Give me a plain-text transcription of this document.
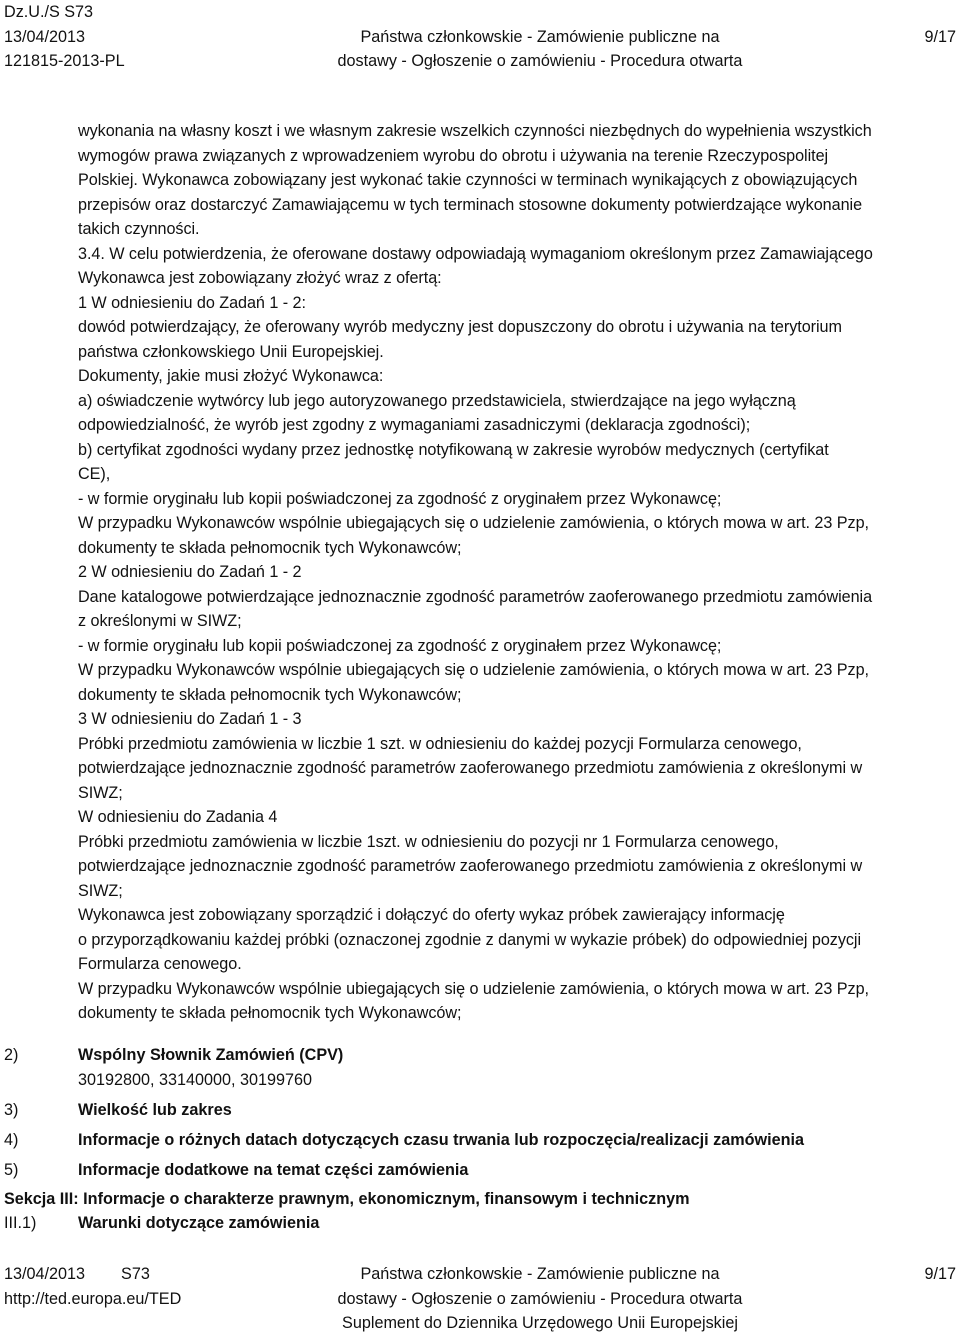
Dz.U./S S73
13/04/2013
121815-2013-PL
Państwa członkowskie - Zamówienie publiczne na
dostawy - Ogłoszenie o zamówieniu - Procedura otwarta
9/17
wykonania na własny koszt i we własnym zakresie wszelkich czynności niezbędnych do wypełnienia wszystkich
wymogów prawa związanych z wprowadzeniem wyrobu do obrotu i używania na terenie Rzeczypospolitej
Polskiej. Wykonawca zobowiązany jest wykonać takie czynności w terminach wynikających z obowiązujących
przepisów oraz dostarczyć Zamawiającemu w tych terminach stosowne dokumenty potwierdzające wykonanie
takich czynności.
3.4. W celu potwierdzenia, że oferowane dostawy odpowiadają wymaganiom określonym przez Zamawiającego
Wykonawca jest zobowiązany złożyć wraz z ofertą:
1 W odniesieniu do Zadań 1 - 2:
dowód potwierdzający, że oferowany wyrób medyczny jest dopuszczony do obrotu i używania na terytorium
państwa członkowskiego Unii Europejskiej.
Dokumenty, jakie musi złożyć Wykonawca:
a) oświadczenie wytwórcy lub jego autoryzowanego przedstawiciela, stwierdzające na jego wyłączną
odpowiedzialność, że wyrób jest zgodny z wymaganiami zasadniczymi (deklaracja zgodności);
b) certyfikat zgodności wydany przez jednostkę notyfikowaną w zakresie wyrobów medycznych (certyfikat
CE),
- w formie oryginału lub kopii poświadczonej za zgodność z oryginałem przez Wykonawcę;
W przypadku Wykonawców wspólnie ubiegających się o udzielenie zamówienia, o których mowa w art. 23 Pzp,
dokumenty te składa pełnomocnik tych Wykonawców;
2 W odniesieniu do Zadań 1 - 2
Dane katalogowe potwierdzające jednoznacznie zgodność parametrów zaoferowanego przedmiotu zamówienia
z określonymi w SIWZ;
- w formie oryginału lub kopii poświadczonej za zgodność z oryginałem przez Wykonawcę;
W przypadku Wykonawców wspólnie ubiegających się o udzielenie zamówienia, o których mowa w art. 23 Pzp,
dokumenty te składa pełnomocnik tych Wykonawców;
3 W odniesieniu do Zadań 1 - 3
Próbki przedmiotu zamówienia w liczbie 1 szt. w odniesieniu do każdej pozycji Formularza cenowego,
potwierdzające jednoznacznie zgodność parametrów zaoferowanego przedmiotu zamówienia z określonymi w
SIWZ;
W odniesieniu do Zadania 4
Próbki przedmiotu zamówienia w liczbie 1szt. w odniesieniu do pozycji nr 1 Formularza cenowego,
potwierdzające jednoznacznie zgodność parametrów zaoferowanego przedmiotu zamówienia z określonymi w
SIWZ;
Wykonawca jest zobowiązany sporządzić i dołączyć do oferty wykaz próbek zawierający informację
o przyporządkowaniu każdej próbki (oznaczonej zgodnie z danymi w wykazie próbek) do odpowiedniej pozycji
Formularza cenowego.
W przypadku Wykonawców wspólnie ubiegających się o udzielenie zamówienia, o których mowa w art. 23 Pzp,
dokumenty te składa pełnomocnik tych Wykonawców;
2)	Wspólny Słownik Zamówień (CPV)
30192800, 33140000, 30199760
3)	Wielkość lub zakres
4)	Informacje o różnych datach dotyczących czasu trwania lub rozpoczęcia/realizacji zamówienia
5)	Informacje dodatkowe na temat części zamówienia
Sekcja III: Informacje o charakterze prawnym, ekonomicznym, finansowym i technicznym
III.1)	Warunki dotyczące zamówienia
13/04/2013 S73
http://ted.europa.eu/TED
Państwa członkowskie - Zamówienie publiczne na
dostawy - Ogłoszenie o zamówieniu - Procedura otwarta
Suplement do Dziennika Urzędowego Unii Europejskiej
9/17
